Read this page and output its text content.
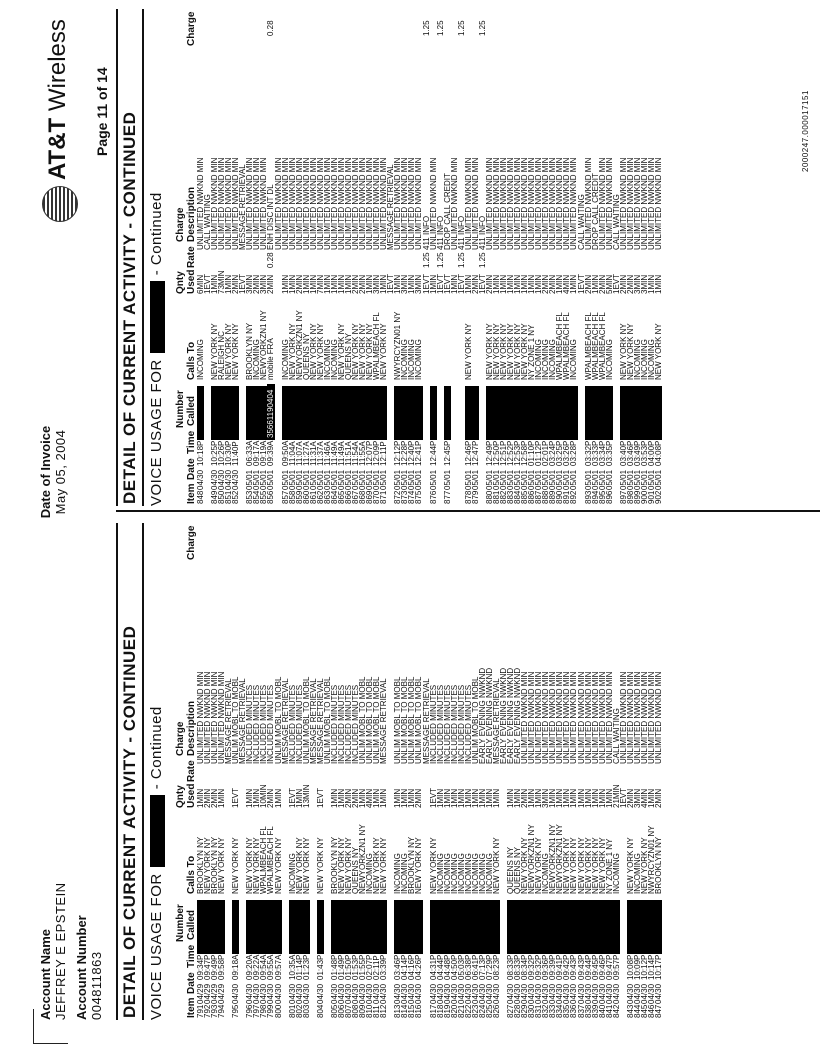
Account Name JEFFREY E EPSTEIN Account Number 004811863
Date of Invoice May 05, 2004
AT&T Wireless
Page 11 of 14
DETAIL OF CURRENT ACTIVITY - CONTINUED VOICE USAGE FOR- Continued
Item
Date
Time
Number Called
Calls To
Qnty Used
Rate
Charge Description
Charge
791
04/29
09:34P
BROOKLYN NY
1MIN
UNLIMITED NWKND MIN
792
04/29
09:47P
NEW YORK NY
2MIN
UNLIMITED NWKND MIN
793
04/29
09:49P
BROOKLYN NY
2MIN
UNLIMITED NWKND MIN
794
04/29
09:58P
NEW YORK NY
1MIN
UNLIMITED NWKND MIN
MESSAGE RETRIEVAL
795
04/30
09:18A
NEW YORK NY
1EVT
UNLIM MOBL TO MOBL
MESSAGE RETRIEVAL
796
04/30
09:20A
NEW YORK NY
1MIN
INCLUDED MINUTES
797
04/30
09:22A
NEW YORK NY
1MIN
INCLUDED MINUTES
798
04/30
09:54A
WPALMBEACH FL
10MIN
INCLUDED MINUTES
799
04/30
09:55A
WPALMBEACH FL
2MIN
INCLUDED MINUTES
800
04/30
09:57A
NEW YORK NY
1MIN
UNLIM MOBL TO MOBL
MESSAGE RETRIEVAL
801
04/30
10:35A
INCOMING
1EVT
INCLUDED MINUTES
802
04/30
01:14P
NEW YORK NY
1MIN
INCLUDED MINUTES
803
04/30
01:23P
NEW YORK NY
13MIN
UNLIM MOBL TO MOBL
MESSAGE RETRIEVAL
804
04/30
01:43P
NEW YORK NY
1EVT
MESSAGE RETRIEVAL
UNLIM MOBL TO MOBL
805
04/30
01:48P
BROOKLYN NY
1MIN
INCLUDED MINUTES
806
04/30
01:49P
NEW YORK NY
1MIN
INCLUDED MINUTES
807
04/30
01:50P
NEW YORK NY
2MIN
INCLUDED MINUTES
808
04/30
01:53P
QUEENS NY
2MIN
INCLUDED MINUTES
809
04/30
01:55P
NEWYORKZN1 NY
1MIN
UNLIM MOBL TO MOBL
810
04/30
02:07P
INCOMING
4MIN
UNLIM MOBL TO MOBL
811
04/30
02:11P
NEW YORK NY
1MIN
UNLIM MOBL TO MOBL
812
04/30
03:39P
NEW YORK NY
1MIN
MESSAGE RETRIEVAL
813
04/30
03:46P
INCOMING
1MIN
UNLIM MOBL TO MOBL
814
04/30
04:14P
INCOMING
1MIN
UNLIM MOBL TO MOBL
815
04/30
04:16P
BROOKLYN NY
1MIN
UNLIM MOBL TO MOBL
816
04/30
04:26P
NEW YORK NY
2MIN
UNLIM MOBL TO MOBL
MESSAGE RETRIEVAL
817
04/30
04:31P
NEW YORK NY
1EVT
INCLUDED MINUTES
818
04/30
04:44P
INCOMING
1MIN
INCLUDED MINUTES
819
04/30
04:48P
INCOMING
1MIN
INCLUDED MINUTES
820
04/30
04:50P
INCOMING
1MIN
INCLUDED MINUTES
821
04/30
05:03P
INCOMING
1MIN
INCLUDED MINUTES
822
04/30
06:38P
INCOMING
1MIN
INCLUDED MINUTES
823
04/30
06:41P
INCOMING
1MIN
UNLIM MOBL TO MOBL
824
04/30
07:13P
INCOMING
1MIN
EARLY EVENING NWKND
825
04/30
07:29P
INCOMING
1MIN
EARLY EVENING NWKND
826
04/30
08:23P
NEW YORK NY
1MIN
MESSAGE RETRIEVAL
EARLY EVENING NWKND
827
04/30
08:33P
QUEENS NY
1MIN
EARLY EVENING NWKND
828
04/30
08:33P
QUEENS NY
1MIN
EARLY EVENING NWKND
829
04/30
08:34P
NEW YORK NY
2MIN
UNLIMITED NWKND MIN
830
04/30
09:32P
NEWYORKZN1 NY
1MIN
UNLIMITED NWKND MIN
831
04/30
09:32P
NEW YORK NY
1MIN
UNLIMITED NWKND MIN
832
04/30
09:36P
INCOMING
3MIN
UNLIMITED NWKND MIN
833
04/30
09:39P
NEWYORKZN1 NY
1MIN
UNLIMITED NWKND MIN
834
04/30
09:41P
NEWYORKZN1 NY
1MIN
UNLIMITED NWKND MIN
835
04/30
09:42P
NEW YORK NY
1MIN
UNLIMITED NWKND MIN
836
04/30
09:43P
NEW YORK NY
1MIN
UNLIMITED NWKND MIN
837
04/30
09:43P
NEW YORK NY
1MIN
UNLIMITED NWKND MIN
838
04/30
09:44P
NEW YORK NY
1MIN
UNLIMITED NWKND MIN
839
04/30
09:45P
NEW YORK NY
1MIN
UNLIMITED NWKND MIN
840
04/30
09:46P
NEW YORK NY
1MIN
UNLIMITED NWKND MIN
841
04/30
09:47P
NY ZONE 1 NY
1MIN
UNLIMITED NWKND MIN
842
04/30
09:57P
INCOMING
21MIN
CALL WAITING
1EVT
UNLIMITED NWKND MIN
843
04/30
10:08P
NEW YORK NY
2MIN
UNLIMITED NWKND MIN
844
04/30
10:09P
INCOMING
3MIN
UNLIMITED NWKND MIN
845
04/30
10:12P
NEW YORK NY
4MIN
UNLIMITED NWKND MIN
846
04/30
10:14P
NWYRCYZN01 NY
1MIN
UNLIMITED NWKND MIN
847
04/30
10:17P
BROOKLYN NY
2MIN
UNLIMITED NWKND MIN
DETAIL OF CURRENT ACTIVITY - CONTINUED VOICE USAGE FOR- Continued
Item
Date
Time
Number Called
Calls To
Qnty Used
Rate
Charge Description
Charge
848
04/30
10:18P
INCOMING
6MIN
UNLIMITED NWKND MIN
1EVT
CALL WAITING
849
04/30
10:25P
NEW YORK NY
1MIN
UNLIMITED NWKND MIN
850
04/30
10:26P
RALEIGH NC
73MIN
UNLIMITED NWKND MIN
851
04/30
10:30P
NEW YORK NY
1MIN
UNLIMITED NWKND MIN
852
04/30
11:40P
NEW YORK NY
2MIN
UNLIMITED NWKND MIN
1EVT
MESSAGE RETRIEVAL
853
05/01
06:33A
BROOKLYN NY
3MIN
UNLIMITED NWKND MIN
854
05/01
09:17A
INCOMING
2MIN
UNLIMITED NWKND MIN
855
05/01
09:19A
NEWYORKZN1 NY
3MIN
UNLIMITED NWKND MIN
856
05/01
09:39A
mobile FRA
2MIN
0.28
ENH DISC INT DL
0.28
35661190404
UNLIMITED NWKND MIN
857
05/01
09:50A
INCOMING
1MIN
UNLIMITED NWKND MIN
858
05/01
11:04A
NEW YORK NY
1MIN
UNLIMITED NWKND MIN
859
05/01
11:07A
NEWYORKZN1 NY
2MIN
UNLIMITED NWKND MIN
860
05/01
11:27A
QUEENS NY
1MIN
UNLIMITED NWKND MIN
861
05/01
11:31A
NEW YORK NY
1MIN
UNLIMITED NWKND MIN
862
05/01
11:37A
NEW YORK NY
7MIN
UNLIMITED NWKND MIN
863
05/01
11:46A
INCOMING
1MIN
UNLIMITED NWKND MIN
864
05/01
11:49A
INCOMING
1MIN
UNLIMITED NWKND MIN
865
05/01
11:49A
NEW YORK NY
1MIN
UNLIMITED NWKND MIN
866
05/01
11:51A
QUEENS NY
1MIN
UNLIMITED NWKND MIN
867
05/01
11:54A
NEW YORK NY
2MIN
UNLIMITED NWKND MIN
868
05/01
11:55A
NEW YORK NY
2MIN
UNLIMITED NWKND MIN
869
05/01
12:07P
NEW YORK NY
1MIN
UNLIMITED NWKND MIN
870
05/01
12:09P
WPALMBEACH FL
3MIN
UNLIMITED NWKND MIN
871
05/01
12:11P
NEW YORK NY
1MIN
UNLIMITED NWKND MIN
1EVT
MESSAGE RETRIEVAL
872
05/01
12:12P
NWYRCYZN01 NY
1MIN
UNLIMITED NWKND MIN
873
05/01
12:28P
INCOMING
3MIN
UNLIMITED NWKND MIN
874
05/01
12:40P
INCOMING
1MIN
UNLIMITED NWKND MIN
875
05/01
12:41P
INCOMING
3MIN
UNLIMITED NWKND MIN
1EVT
1.25
411 INFO
1.25
876
05/01
12:44P
1MIN
UNLIMITED NWKND MIN
1EVT
1.25
411 INFO
1.25
877
05/01
12:45P
1EVT
DROP CALL CREDIT
1MIN
UNLIMITED NWKND MIN
1EVT
1.25
411 INFO
1.25
878
05/01
12:46P
NEW YORK NY
1MIN
UNLIMITED NWKND MIN
879
05/01
12:47P
2MIN
UNLIMITED NWKND MIN
1EVT
1.25
411 INFO
1.25
880
05/01
12:49P
NEW YORK NY
2MIN
UNLIMITED NWKND MIN
881
05/01
12:50P
NEW YORK NY
1MIN
UNLIMITED NWKND MIN
882
05/01
12:51P
NEW YORK NY
1MIN
UNLIMITED NWKND MIN
883
05/01
12:52P
NEW YORK NY
1MIN
UNLIMITED NWKND MIN
884
05/01
12:53P
NEW YORK NY
1MIN
UNLIMITED NWKND MIN
885
05/01
12:58P
NEW YORK NY
1MIN
UNLIMITED NWKND MIN
886
05/01
01:10P
NY ZONE 1 NY
1MIN
UNLIMITED NWKND MIN
887
05/01
01:12P
INCOMING
1MIN
UNLIMITED NWKND MIN
888
05/01
02:01P
INCOMING
2MIN
UNLIMITED NWKND MIN
889
05/01
03:24P
INCOMING
2MIN
UNLIMITED NWKND MIN
890
05/01
03:25P
WPALMBEACH FL
1MIN
UNLIMITED NWKND MIN
891
05/01
03:26P
WPALMBEACH FL
4MIN
UNLIMITED NWKND MIN
892
05/01
03:28P
INCOMING
1MIN
UNLIMITED NWKND MIN
1EVT
CALL WAITING
893
05/01
03:32P
WPALMBEACH FL
2MIN
UNLIMITED NWKND MIN
894
05/01
03:33P
WPALMBEACH FL
1MIN
DROP CALL CREDIT
895
05/01
03:34P
WPALMBEACH FL
2MIN
UNLIMITED NWKND MIN
896
05/01
03:35P
INCOMING
5MIN
UNLIMITED NWKND MIN
1EVT
CALL WAITING
897
05/01
03:40P
NEW YORK NY
2MIN
UNLIMITED NWKND MIN
898
05/01
03:46P
NEW YORK NY
2MIN
UNLIMITED NWKND MIN
899
05/01
03:49P
INCOMING
3MIN
UNLIMITED NWKND MIN
900
05/01
03:53P
INCOMING
3MIN
UNLIMITED NWKND MIN
901
05/01
04:00P
INCOMING
1MIN
UNLIMITED NWKND MIN
902
05/01
04:08P
NEW YORK NY
1MIN
UNLIMITED NWKND MIN
2000247.000017151
